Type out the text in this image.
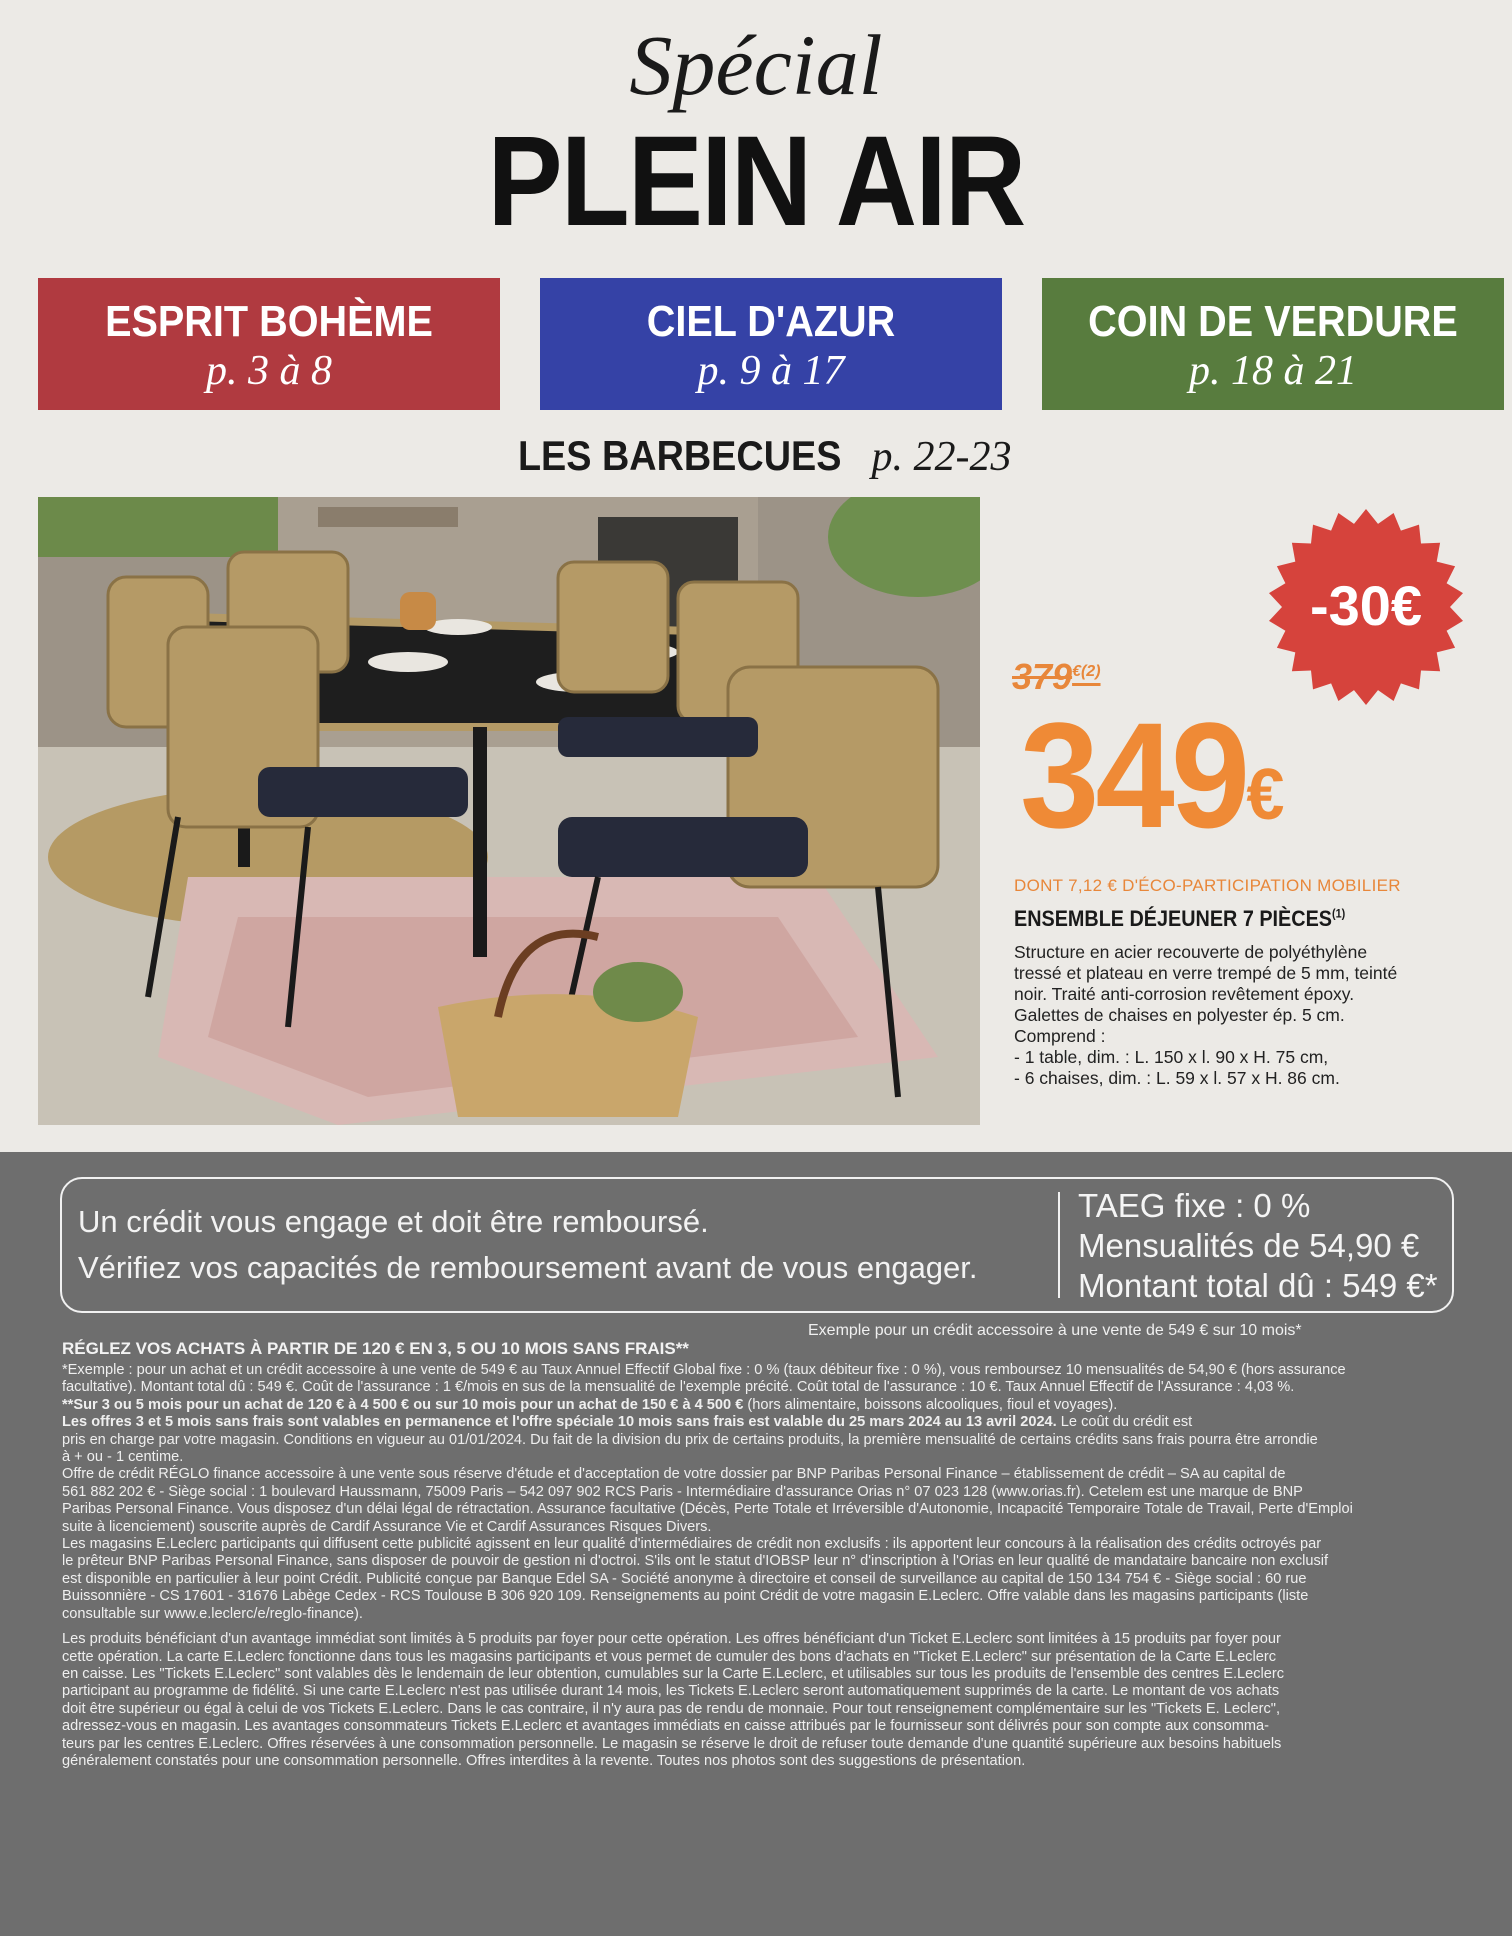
Spécial
PLEIN AIR
ESPRIT BOHÈME
p. 3 à 8
CIEL D'AZUR
p. 9 à 17
COIN DE VERDURE
p. 18 à 21
LES BARBECUES p. 22-23
-30€
$379^{€(2)}$
349€
DONT 7,12 € D'ÉCO-PARTICIPATION MOBILIER
ENSEMBLE DÉJEUNER 7 PIÈCES$^{(1)}$
Structure en acier recouverte de polyéthylène
tressé et plateau en verre trempé de 5 mm, teinté
noir. Traité anti-corrosion revêtement époxy.
Galettes de chaises en polyester ép. 5 cm.
Comprend :
- 1 table, dim. : L. 150 x l. 90 x H. 75 cm,
- 6 chaises, dim. : L. 59 x l. 57 x H. 86 cm.
Un crédit vous engage et doit être remboursé.
Vérifiez vos capacités de remboursement avant de vous engager.
TAEG fixe : 0 %
Mensualités de 54,90 €
Montant total dû : 549 €*
Exemple pour un crédit accessoire à une vente de 549 € sur 10 mois*
RÉGLEZ VOS ACHATS À PARTIR DE 120 € EN 3, 5 OU 10 MOIS SANS FRAIS**
*Exemple : pour un achat et un crédit accessoire à une vente de 549 € au Taux Annuel Effectif Global fixe : 0 % (taux débiteur fixe : 0 %), vous remboursez 10 mensualités de 54,90 € (hors assurance
facultative). Montant total dû : 549 €. Coût de l'assurance : 1 €/mois en sus de la mensualité de l'exemple précité. Coût total de l'assurance : 10 €. Taux Annuel Effectif de l'Assurance : 4,03 %.
**Sur 3 ou 5 mois pour un achat de 120 € à 4 500 € ou sur 10 mois pour un achat de 150 € à 4 500 € (hors alimentaire, boissons alcooliques, fioul et voyages).
Les offres 3 et 5 mois sans frais sont valables en permanence et l'offre spéciale 10 mois sans frais est valable du 25 mars 2024 au 13 avril 2024. Le coût du crédit est
pris en charge par votre magasin. Conditions en vigueur au 01/01/2024. Du fait de la division du prix de certains produits, la première mensualité de certains crédits sans frais pourra être arrondie
à + ou - 1 centime.
Offre de crédit RÉGLO finance accessoire à une vente sous réserve d'étude et d'acceptation de votre dossier par BNP Paribas Personal Finance – établissement de crédit – SA au capital de
561 882 202 € - Siège social : 1 boulevard Haussmann, 75009 Paris – 542 097 902 RCS Paris - Intermédiaire d'assurance Orias n° 07 023 128 (www.orias.fr). Cetelem est une marque de BNP
Paribas Personal Finance. Vous disposez d'un délai légal de rétractation. Assurance facultative (Décès, Perte Totale et Irréversible d'Autonomie, Incapacité Temporaire Totale de Travail, Perte d'Emploi
suite à licenciement) souscrite auprès de Cardif Assurance Vie et Cardif Assurances Risques Divers.
Les magasins E.Leclerc participants qui diffusent cette publicité agissent en leur qualité d'intermédiaires de crédit non exclusifs : ils apportent leur concours à la réalisation des crédits octroyés par
le prêteur BNP Paribas Personal Finance, sans disposer de pouvoir de gestion ni d'octroi. S'ils ont le statut d'IOBSP leur n° d'inscription à l'Orias en leur qualité de mandataire bancaire non exclusif
est disponible en particulier à leur point Crédit. Publicité conçue par Banque Edel SA - Société anonyme à directoire et conseil de surveillance au capital de 150 134 754 € - Siège social : 60 rue
Buissonnière - CS 17601 - 31676 Labège Cedex - RCS Toulouse B 306 920 109. Renseignements au point Crédit de votre magasin E.Leclerc. Offre valable dans les magasins participants (liste
consultable sur www.e.leclerc/e/reglo-finance).
Les produits bénéficiant d'un avantage immédiat sont limités à 5 produits par foyer pour cette opération. Les offres bénéficiant d'un Ticket E.Leclerc sont limitées à 15 produits par foyer pour
cette opération. La carte E.Leclerc fonctionne dans tous les magasins participants et vous permet de cumuler des bons d'achats en "Ticket E.Leclerc" sur présentation de la Carte E.Leclerc
en caisse. Les "Tickets E.Leclerc" sont valables dès le lendemain de leur obtention, cumulables sur la Carte E.Leclerc, et utilisables sur tous les produits de l'ensemble des centres E.Leclerc
participant au programme de fidélité. Si une carte E.Leclerc n'est pas utilisée durant 14 mois, les Tickets E.Leclerc seront automatiquement supprimés de la carte. Le montant de vos achats
doit être supérieur ou égal à celui de vos Tickets E.Leclerc. Dans le cas contraire, il n'y aura pas de rendu de monnaie. Pour tout renseignement complémentaire sur les "Tickets E. Leclerc",
adressez-vous en magasin. Les avantages consommateurs Tickets E.Leclerc et avantages immédiats en caisse attribués par le fournisseur sont délivrés pour son compte aux consomma-
teurs par les centres E.Leclerc. Offres réservées à une consommation personnelle. Le magasin se réserve le droit de refuser toute demande d'une quantité supérieure aux besoins habituels
généralement constatés pour une consommation personnelle. Offres interdites à la revente. Toutes nos photos sont des suggestions de présentation.
